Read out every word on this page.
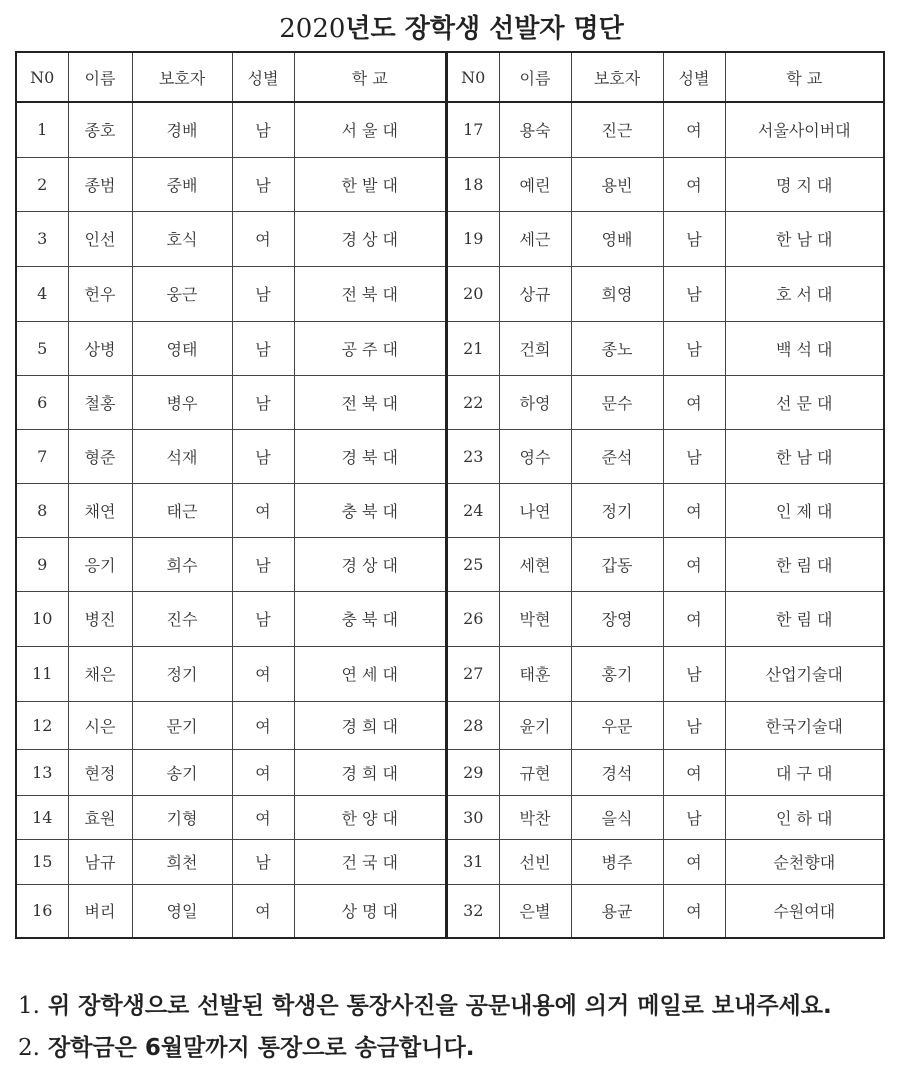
2020년도 장학생 선발자 명단
N0	이름	보호자	성별	학 교
1	종호	경배	남	서 울 대
2	종범	중배	남	한 발 대
3	인선	호식	여	경 상 대
4	헌우	웅근	남	전 북 대
5	상병	영태	남	공 주 대
6	철홍	병우	남	전 북 대
7	형준	석재	남	경 북 대
8	채연	태근	여	충 북 대
9	응기	희수	남	경 상 대
10	병진	진수	남	충 북 대
11	채은	정기	여	연 세 대
12	시은	문기	여	경 희 대
13	현정	송기	여	경 희 대
14	효원	기형	여	한 양 대
15	남규	희천	남	건 국 대
16	벼리	영일	여	상 명 대
N0	이름	보호자	성별	학 교
17	용숙	진근	여	서울사이버대
18	예린	용빈	여	명 지 대
19	세근	영배	남	한 남 대
20	상규	희영	남	호 서 대
21	건희	종노	남	백 석 대
22	하영	문수	여	선 문 대
23	영수	준석	남	한 남 대
24	나연	정기	여	인 제 대
25	세현	갑동	여	한 림 대
26	박현	장영	여	한 림 대
27	태훈	홍기	남	산업기술대
28	윤기	우문	남	한국기술대
29	규현	경석	여	대 구 대
30	박찬	을식	남	인 하 대
31	선빈	병주	여	순천향대
32	은별	용균	여	수원여대
1. 위 장학생으로 선발된 학생은 통장사진을 공문내용에 의거 메일로 보내주세요.
2. 장학금은 6월말까지 통장으로 송금합니다.
